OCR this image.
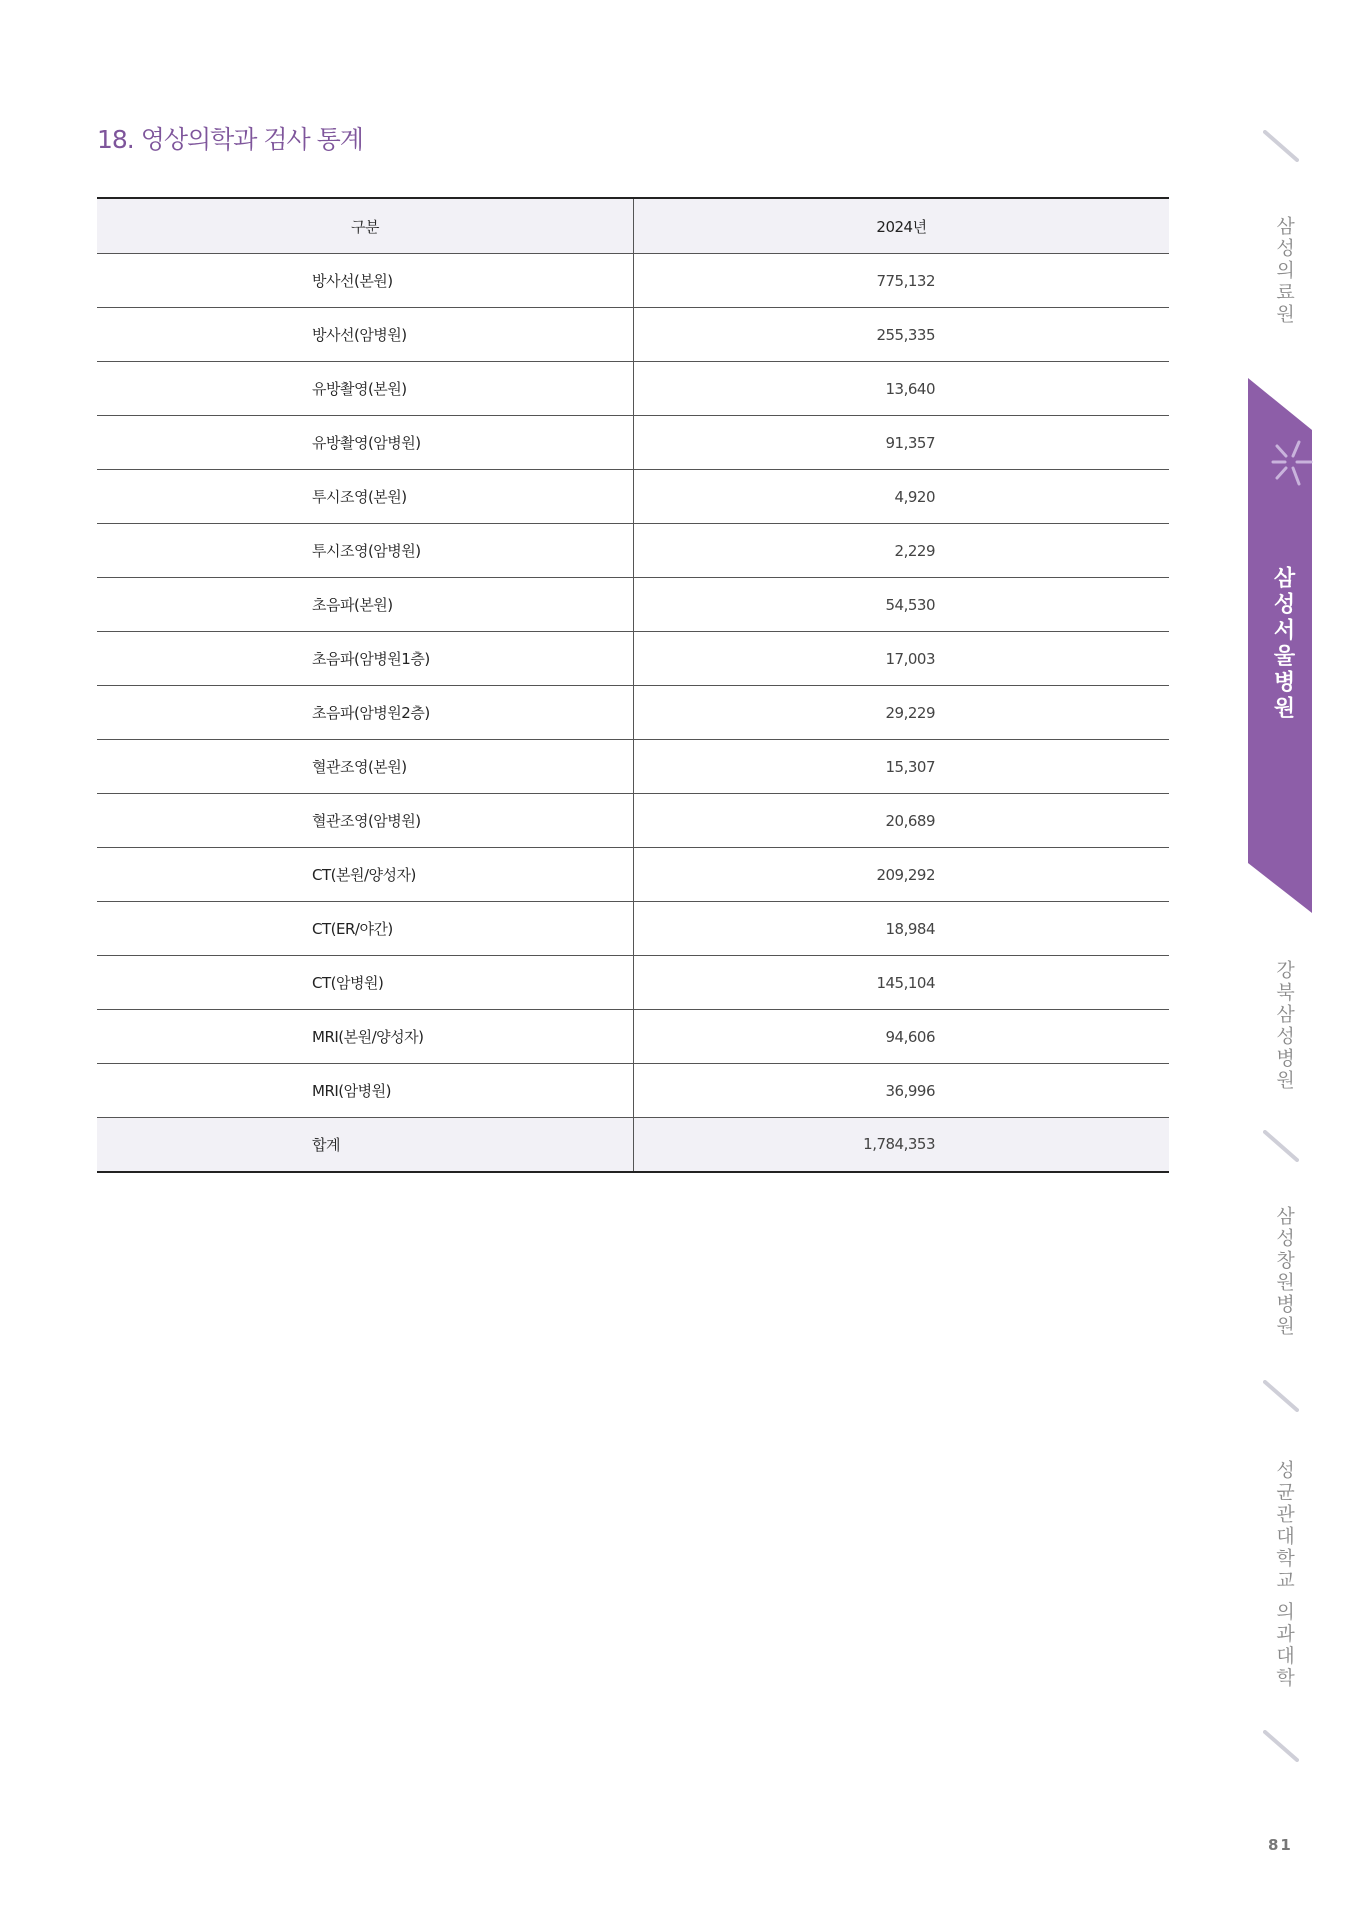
18. 영상의학과 검사 통계
구분	2024년
방사선(본원)	775,132
방사선(암병원)	255,335
유방촬영(본원)	13,640
유방촬영(암병원)	91,357
투시조영(본원)	4,920
투시조영(암병원)	2,229
초음파(본원)	54,530
초음파(암병원1층)	17,003
초음파(암병원2층)	29,229
혈관조영(본원)	15,307
혈관조영(암병원)	20,689
CT(본원/양성자)	209,292
CT(ER/야간)	18,984
CT(암병원)	145,104
MRI(본원/양성자)	94,606
MRI(암병원)	36,996
합계	1,784,353
삼성의료원
삼성서울병원
강북삼성병원
삼성창원병원
성균관대학교 의과대학
81
